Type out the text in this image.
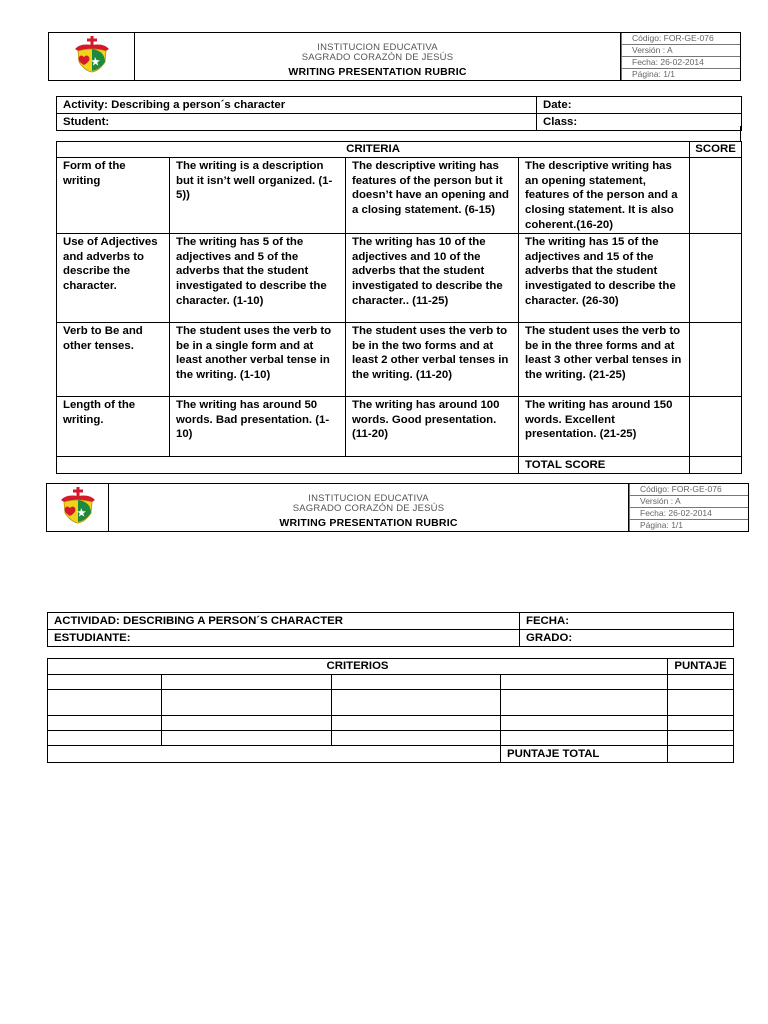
INSTITUCION EDUCATIVA
SAGRADO CORAZÓN DE JESÚS
WRITING PRESENTATION RUBRIC

Código: FOR-GE-076
Versión : A
Fecha: 26-02-2014
Página: 1/1
Activity: Describing a person´s character	Date:
Student:	Class:
CRITERIA				SCORE
Form of the writing	The writing is a description but it isn’t well organized. (1-5))	The descriptive writing has features of the person but it doesn’t have an opening and a closing statement. (6-15)	The descriptive writing has an opening statement, features of the person and a closing statement. It is also coherent.(16-20)	
Use of Adjectives and adverbs to describe the character.	The writing has 5 of the adjectives and 5 of the adverbs that the student investigated to describe the character. (1-10)	The writing has 10 of the adjectives and 10 of the adverbs that the student investigated to describe the character.. (11-25)	The writing has 15 of the adjectives and 15 of the adverbs that the student investigated to describe the character. (26-30)	
Verb to Be and other tenses.	The student uses the verb to be in a single form and at least another verbal tense in the writing. (1-10)	The student uses the verb to be in the two forms and at least 2 other verbal tenses in the writing. (11-20)	The student uses the verb to be in the three forms and at least 3 other verbal tenses in the writing. (21-25)	
Length of the writing.	The writing has around 50 words. Bad presentation. (1-10)	The writing has around 100 words. Good presentation. (11-20)	The writing has around 150 words. Excellent presentation. (21-25)	
			TOTAL SCORE	

INSTITUCION EDUCATIVA
SAGRADO CORAZÓN DE JESÚS
WRITING PRESENTATION RUBRIC

Código: FOR-GE-076
Versión : A
Fecha: 26-02-2014
Página: 1/1
ACTIVIDAD: DESCRIBING A PERSON´S CHARACTER	FECHA:
ESTUDIANTE:	GRADO:
CRITERIOS				PUNTAJE

			PUNTAJE TOTAL	
